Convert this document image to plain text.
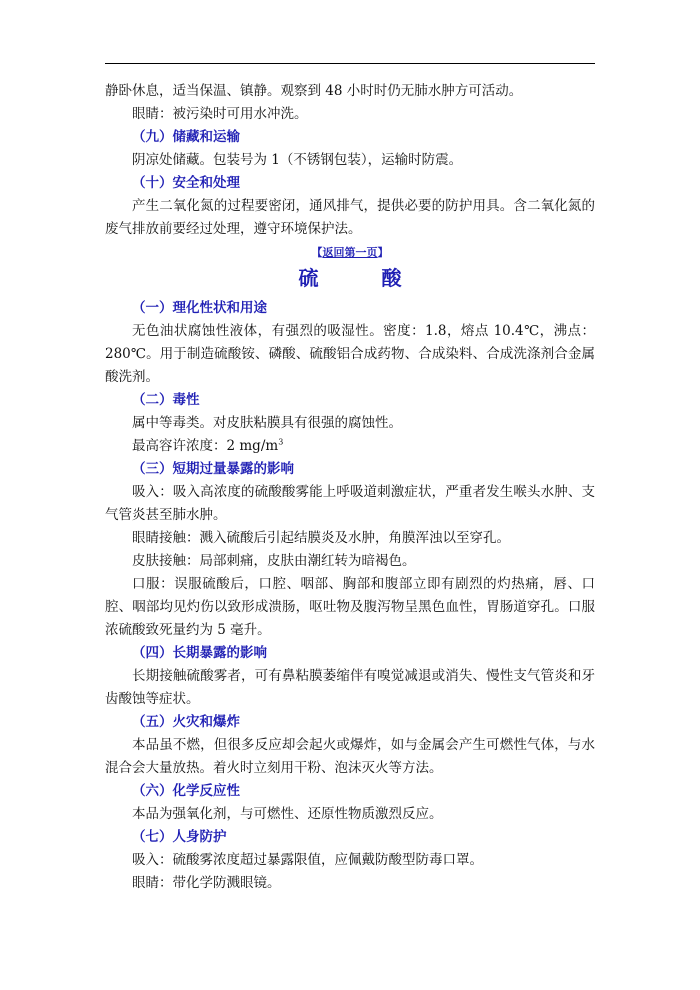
静卧休息，适当保温、镇静。观察到 48 小时时仍无肺水肿方可活动。

眼睛：被污染时可用水冲洗。

（九）储藏和运输

阴凉处储藏。包装号为 1（不锈钢包装），运输时防震。

（十）安全和处理

产生二氧化氮的过程要密闭，通风排气，提供必要的防护用具。含二氧化氮的废气排放前要经过处理，遵守环境保护法。

【返回第一页】
硫 酸

（一）理化性状和用途

无色油状腐蚀性液体，有强烈的吸湿性。密度：1.8，熔点 10.4℃，沸点：280℃。用于制造硫酸铵、磷酸、硫酸铝合成药物、合成染料、合成洗涤剂合金属酸洗剂。

（二）毒性

属中等毒类。对皮肤粘膜具有很强的腐蚀性。

最高容许浓度：2 $mg/m^3$

（三）短期过量暴露的影响

吸入：吸入高浓度的硫酸酸雾能上呼吸道刺激症状，严重者发生喉头水肿、支气管炎甚至肺水肿。

眼睛接触：溅入硫酸后引起结膜炎及水肿，角膜浑浊以至穿孔。

皮肤接触：局部刺痛，皮肤由潮红转为暗褐色。

口服：误服硫酸后，口腔、咽部、胸部和腹部立即有剧烈的灼热痛，唇、口腔、咽部均见灼伤以致形成溃肠，呕吐物及腹泻物呈黑色血性，胃肠道穿孔。口服浓硫酸致死量约为 5 毫升。

（四）长期暴露的影响

长期接触硫酸雾者，可有鼻粘膜萎缩伴有嗅觉减退或消失、慢性支气管炎和牙齿酸蚀等症状。

（五）火灾和爆炸

本品虽不燃，但很多反应却会起火或爆炸，如与金属会产生可燃性气体，与水混合会大量放热。着火时立刻用干粉、泡沫灭火等方法。

（六）化学反应性

本品为强氧化剂，与可燃性、还原性物质激烈反应。

（七）人身防护

吸入：硫酸雾浓度超过暴露限值，应佩戴防酸型防毒口罩。

眼睛：带化学防溅眼镜。
